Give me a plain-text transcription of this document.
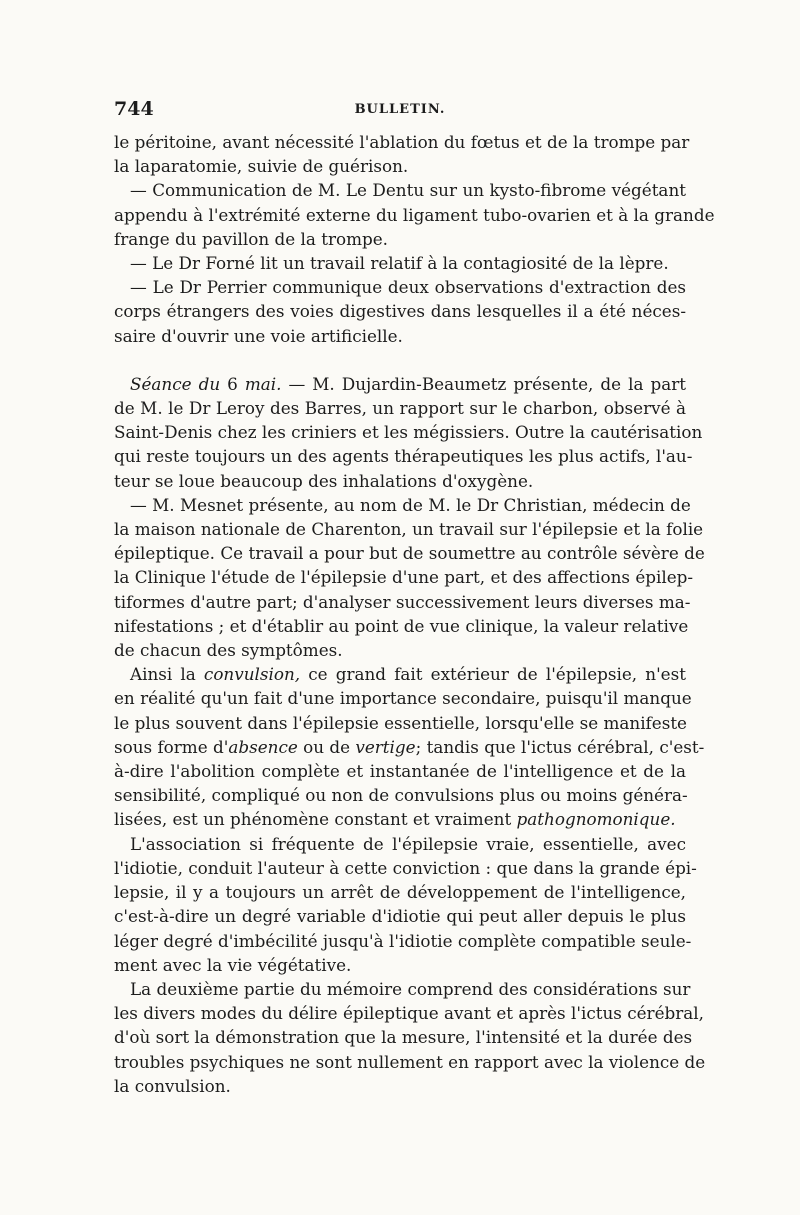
744	BULLETIN.
le péritoine, avant nécessité l'ablation du fœtus et de la trompe par
la laparatomie, suivie de guérison.
— Communication de M. Le Dentu sur un kysto-fibrome végétant
appendu à l'extrémité externe du ligament tubo-ovarien et à la grande
frange du pavillon de la trompe.
— Le Dr Forné lit un travail relatif à la contagiosité de la lèpre.
— Le Dr Perrier communique deux observations d'extraction des
corps étrangers des voies digestives dans lesquelles il a été néces-
saire d'ouvrir une voie artificielle.
Séance du 6 mai. — M. Dujardin-Beaumetz présente, de la part
de M. le Dr Leroy des Barres, un rapport sur le charbon, observé à
Saint-Denis chez les criniers et les mégissiers. Outre la cautérisation
qui reste toujours un des agents thérapeutiques les plus actifs, l'au-
teur se loue beaucoup des inhalations d'oxygène.
— M. Mesnet présente, au nom de M. le Dr Christian, médecin de
la maison nationale de Charenton, un travail sur l'épilepsie et la folie
épileptique. Ce travail a pour but de soumettre au contrôle sévère de
la Clinique l'étude de l'épilepsie d'une part, et des affections épilep-
tiformes d'autre part; d'analyser successivement leurs diverses ma-
nifestations ; et d'établir au point de vue clinique, la valeur relative
de chacun des symptômes.
Ainsi la convulsion, ce grand fait extérieur de l'épilepsie, n'est
en réalité qu'un fait d'une importance secondaire, puisqu'il manque
le plus souvent dans l'épilepsie essentielle, lorsqu'elle se manifeste
sous forme d'absence ou de vertige; tandis que l'ictus cérébral, c'est-
à-dire l'abolition complète et instantanée de l'intelligence et de la
sensibilité, compliqué ou non de convulsions plus ou moins généra-
lisées, est un phénomène constant et vraiment pathognomonique.
L'association si fréquente de l'épilepsie vraie, essentielle, avec
l'idiotie, conduit l'auteur à cette conviction : que dans la grande épi-
lepsie, il y a toujours un arrêt de développement de l'intelligence,
c'est-à-dire un degré variable d'idiotie qui peut aller depuis le plus
léger degré d'imbécilité jusqu'à l'idiotie complète compatible seule-
ment avec la vie végétative.
La deuxième partie du mémoire comprend des considérations sur
les divers modes du délire épileptique avant et après l'ictus cérébral,
d'où sort la démonstration que la mesure, l'intensité et la durée des
troubles psychiques ne sont nullement en rapport avec la violence de
la convulsion.
